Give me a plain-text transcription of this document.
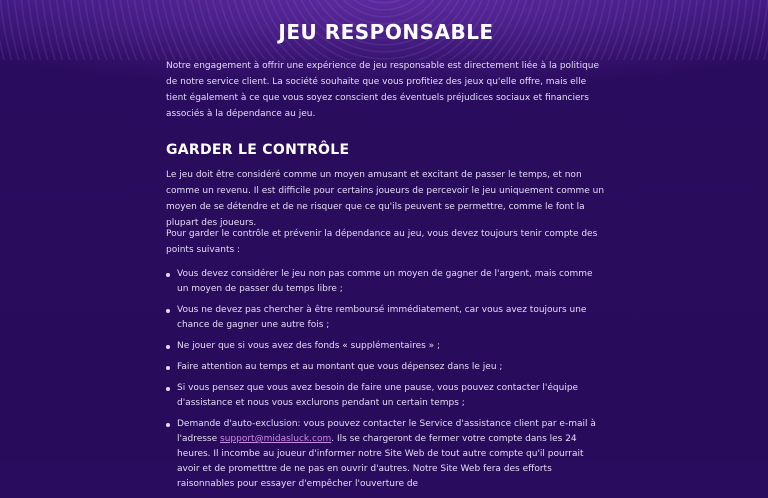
JEU RESPONSABLE

Notre engagement à offrir une expérience de jeu responsable est directement liée à la politique de notre service client. La société souhaite que vous profitiez des jeux qu'elle offre, mais elle tient également à ce que vous soyez conscient des éventuels préjudices sociaux et financiers associés à la dépendance au jeu.

GARDER LE CONTRÔLE

Le jeu doit être considéré comme un moyen amusant et excitant de passer le temps, et non comme un revenu. Il est difficile pour certains joueurs de percevoir le jeu uniquement comme un moyen de se détendre et de ne risquer que ce qu'ils peuvent se permettre, comme le font la plupart des joueurs.

Pour garder le contrôle et prévenir la dépendance au jeu, vous devez toujours tenir compte des points suivants :

Vous devez considérer le jeu non pas comme un moyen de gagner de l'argent, mais comme un moyen de passer du temps libre ;
Vous ne devez pas chercher à être remboursé immédiatement, car vous avez toujours une chance de gagner une autre fois ;
Ne jouer que si vous avez des fonds « supplémentaires » ;
Faire attention au temps et au montant que vous dépensez dans le jeu ;
Si vous pensez que vous avez besoin de faire une pause, vous pouvez contacter l'équipe d'assistance et nous vous exclurons pendant un certain temps ;
Demande d'auto-exclusion: vous pouvez contacter le Service d'assistance client par e-mail à l'adresse support@midasluck.com. Ils se chargeront de fermer votre compte dans les 24 heures. Il incombe au joueur d'informer notre Site Web de tout autre compte qu'il pourrait avoir et de prometttre de ne pas en ouvrir d'autres. Notre Site Web fera des efforts raisonnables pour essayer d'empêcher l'ouverture de
